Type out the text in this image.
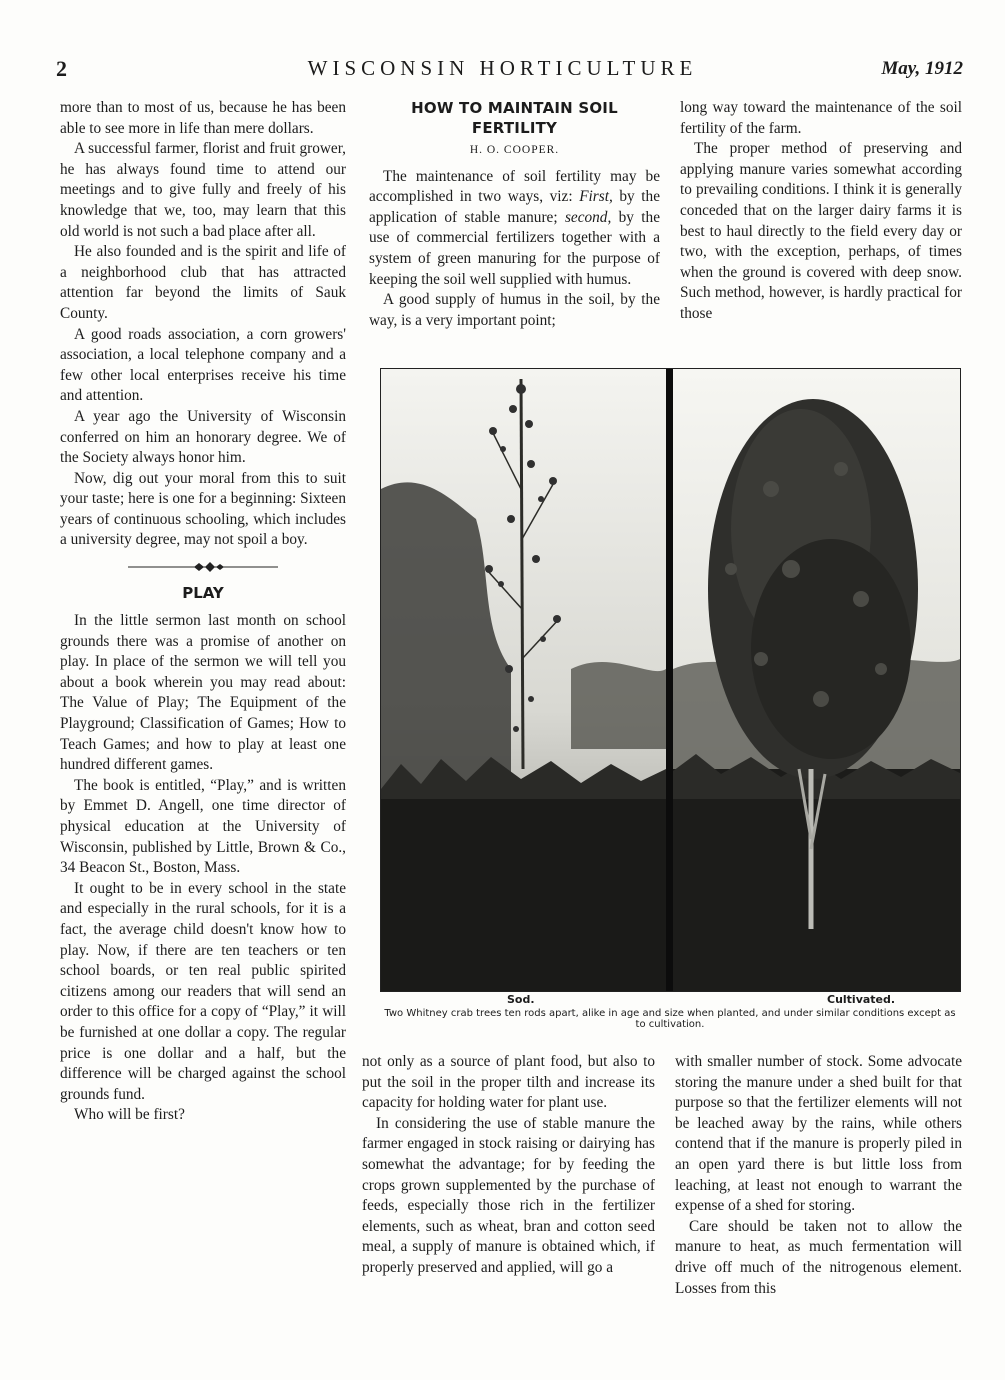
2	WISCONSIN HORTICULTURE	May, 1912

more than to most of us, because he has been able to see more in life than mere dollars.

A successful farmer, florist and fruit grower, he has always found time to attend our meetings and to give fully and freely of his knowledge that we, too, may learn that this old world is not such a bad place after all.

He also founded and is the spirit and life of a neighborhood club that has attracted attention far beyond the limits of Sauk County.

A good roads association, a corn growers' association, a local telephone company and a few other local enterprises receive his time and attention.

A year ago the University of Wisconsin conferred on him an honorary degree. We of the Society always honor him.

Now, dig out your moral from this to suit your taste; here is one for a beginning: Sixteen years of continuous schooling, which includes a university degree, may not spoil a boy.

PLAY

In the little sermon last month on school grounds there was a promise of another on play. In place of the sermon we will tell you about a book wherein you may read about: The Value of Play; The Equipment of the Playground; Classification of Games; How to Teach Games; and how to play at least one hundred different games.

The book is entitled, “Play,” and is written by Emmet D. Angell, one time director of physical education at the University of Wisconsin, published by Little, Brown & Co., 34 Beacon St., Boston, Mass.

It ought to be in every school in the state and especially in the rural schools, for it is a fact, the average child doesn't know how to play. Now, if there are ten teachers or ten school boards, or ten real public spirited citizens among our readers that will send an order to this office for a copy of “Play,” it will be furnished at one dollar a copy. The regular price is one dollar and a half, but the difference will be charged against the school grounds fund.

Who will be first?

HOW TO MAINTAIN SOIL FERTILITY
H. O. COOPER.

The maintenance of soil fertility may be accomplished in two ways, viz: First, by the application of stable manure; second, by the use of commercial fertilizers together with a system of green manuring for the purpose of keeping the soil well supplied with humus.

A good supply of humus in the soil, by the way, is a very important point;

long way toward the maintenance of the soil fertility of the farm.

The proper method of preserving and applying manure varies somewhat according to prevailing conditions. I think it is generally conceded that on the larger dairy farms it is best to haul directly to the field every day or two, with the exception, perhaps, of times when the ground is covered with deep snow. Such method, however, is hardly practical for those

Sod.	Cultivated.
Two Whitney crab trees ten rods apart, alike in age and size when planted, and under similar conditions except as to cultivation.

not only as a source of plant food, but also to put the soil in the proper tilth and increase its capacity for holding water for plant use.

In considering the use of stable manure the farmer engaged in stock raising or dairying has somewhat the advantage; for by feeding the crops grown supplemented by the purchase of feeds, especially those rich in the fertilizer elements, such as wheat, bran and cotton seed meal, a supply of manure is obtained which, if properly preserved and applied, will go a

with smaller number of stock. Some advocate storing the manure under a shed built for that purpose so that the fertilizer elements will not be leached away by the rains, while others contend that if the manure is properly piled in an open yard there is but little loss from leaching, at least not enough to warrant the expense of a shed for storing.

Care should be taken not to allow the manure to heat, as much fermentation will drive off much of the nitrogenous element. Losses from this
